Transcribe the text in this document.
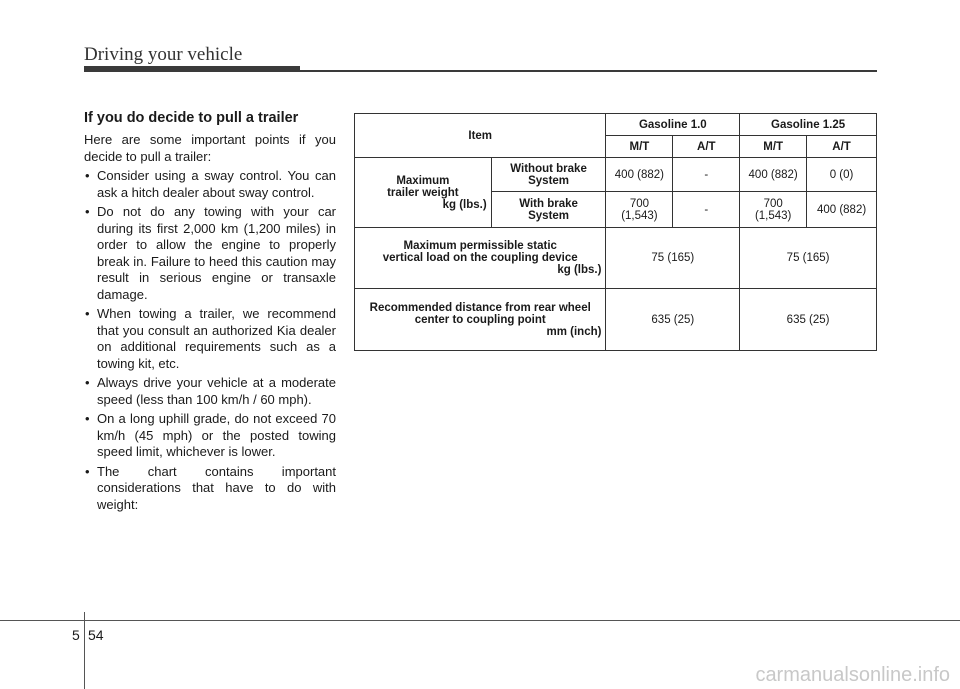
Driving your vehicle
If you do decide to pull a trailer

Here are some important points if you decide to pull a trailer:

• Consider using a sway control. You can ask a hitch dealer about sway control.
• Do not do any towing with your car during its first 2,000 km (1,200 miles) in order to allow the engine to properly break in. Failure to heed this caution may result in serious engine or transaxle damage.
• When towing a trailer, we recommend that you consult an authorized Kia dealer on additional requirements such as a towing kit, etc.
• Always drive your vehicle at a moderate speed (less than 100 km/h / 60 mph).
• On a long uphill grade, do not exceed 70 km/h (45 mph) or the posted towing speed limit, whichever is lower.
• The chart contains important considerations that have to do with weight:
Item		Gasoline 1.0		Gasoline 1.25	
		M/T	A/T	M/T	A/T
Maximum
trailer weight
kg (lbs.)	Without brake
System	400 (882)	-	400 (882)	0 (0)
	With brake
System	700
(1,543)	-	700
(1,543)	400 (882)
Maximum permissible static
vertical load on the coupling device
kg (lbs.)		75 (165)		75 (165)	
Recommended distance from rear wheel
center to coupling point
mm (inch)		635 (25)		635 (25)	
5 54
carmanualsonline.info
